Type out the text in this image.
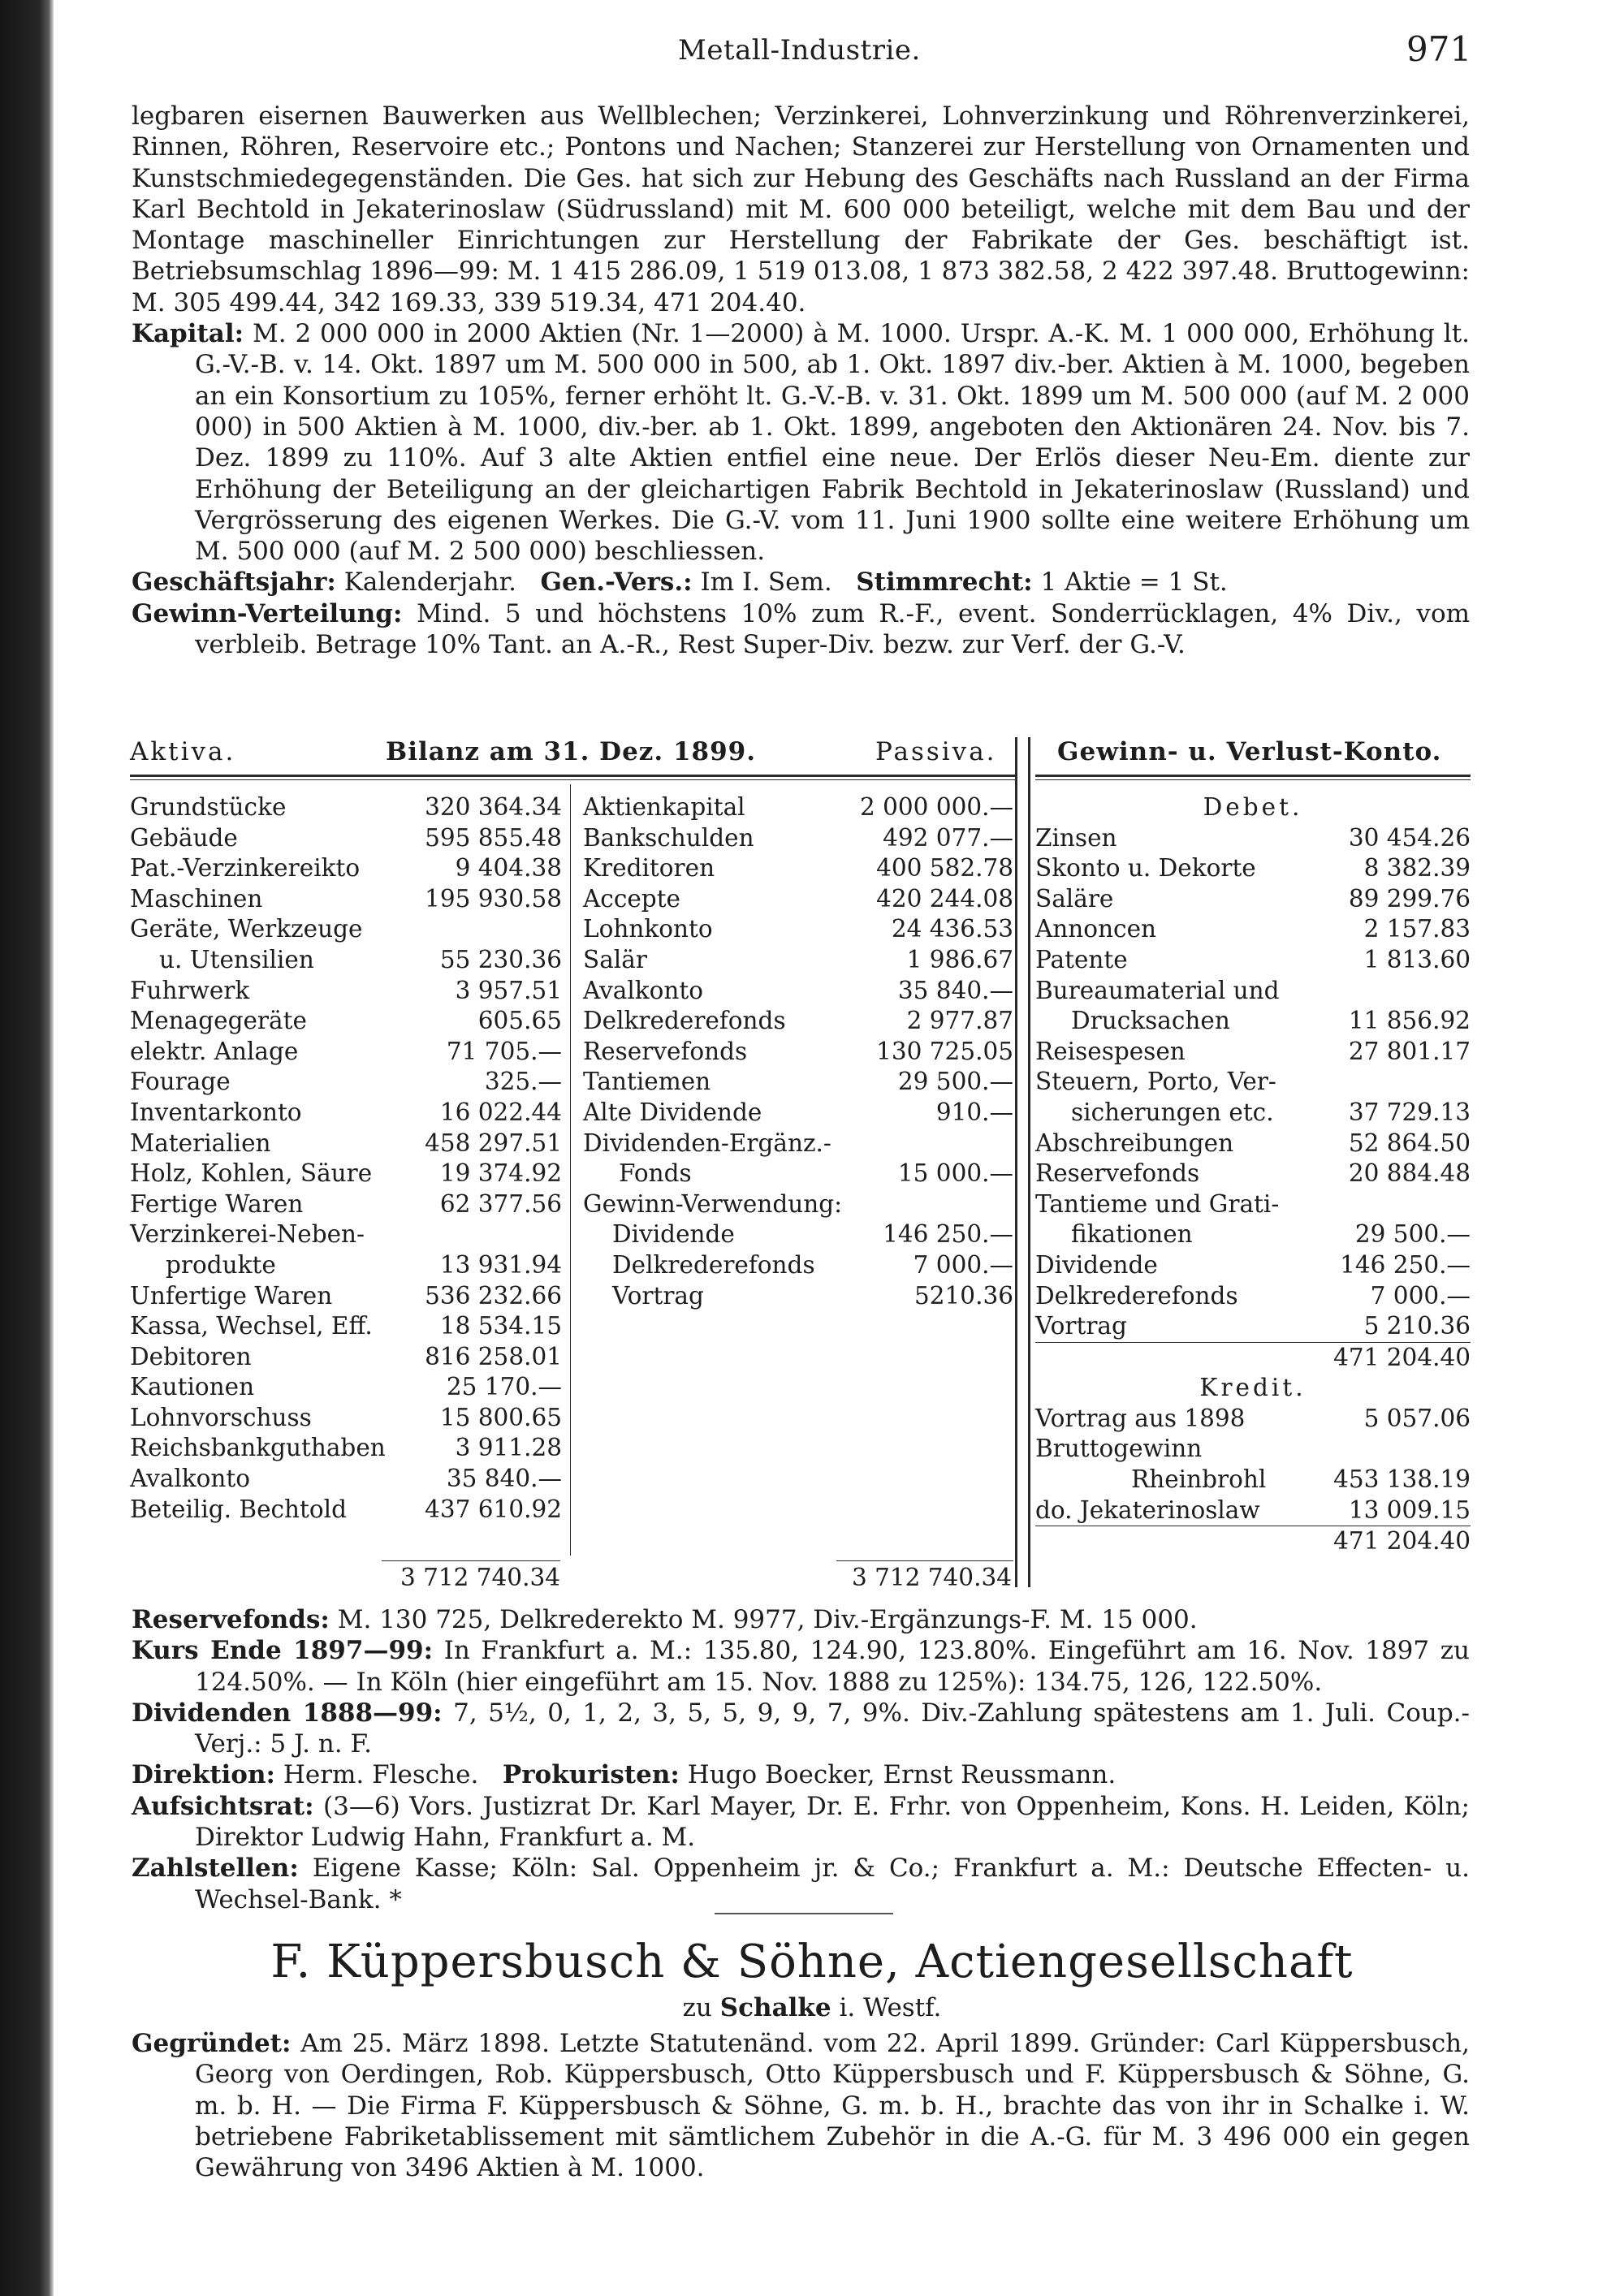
Metall-Industrie.	971

legbaren eisernen Bauwerken aus Wellblechen; Verzinkerei, Lohnverzinkung und Röhrenverzinkerei, Rinnen, Röhren, Reservoire etc.; Pontons und Nachen; Stanzerei zur Herstellung von Ornamenten und Kunstschmiedegegenständen. Die Ges. hat sich zur Hebung des Geschäfts nach Russland an der Firma Karl Bechtold in Jekaterinoslaw (Südrussland) mit M. 600 000 beteiligt, welche mit dem Bau und der Montage maschineller Einrichtungen zur Herstellung der Fabrikate der Ges. beschäftigt ist. Betriebsumschlag 1896—99: M. 1 415 286.09, 1 519 013.08, 1 873 382.58, 2 422 397.48. Bruttogewinn: M. 305 499.44, 342 169.33, 339 519.34, 471 204.40.

Kapital: M. 2 000 000 in 2000 Aktien (Nr. 1—2000) à M. 1000. Urspr. A.-K. M. 1 000 000, Erhöhung lt. G.-V.-B. v. 14. Okt. 1897 um M. 500 000 in 500, ab 1. Okt. 1897 div.-ber. Aktien à M. 1000, begeben an ein Konsortium zu 105%, ferner erhöht lt. G.-V.-B. v. 31. Okt. 1899 um M. 500 000 (auf M. 2 000 000) in 500 Aktien à M. 1000, div.-ber. ab 1. Okt. 1899, angeboten den Aktionären 24. Nov. bis 7. Dez. 1899 zu 110%. Auf 3 alte Aktien entfiel eine neue. Der Erlös dieser Neu-Em. diente zur Erhöhung der Beteiligung an der gleichartigen Fabrik Bechtold in Jekaterinoslaw (Russland) und Vergrösserung des eigenen Werkes. Die G.-V. vom 11. Juni 1900 sollte eine weitere Erhöhung um M. 500 000 (auf M. 2 500 000) beschliessen.

Geschäftsjahr: Kalenderjahr. Gen.-Vers.: Im I. Sem. Stimmrecht: 1 Aktie = 1 St.

Gewinn-Verteilung: Mind. 5 und höchstens 10% zum R.-F., event. Sonderrücklagen, 4% Div., vom verbleib. Betrage 10% Tant. an A.-R., Rest Super-Div. bezw. zur Verf. der G.-V.

Aktiva.	Bilanz am 31. Dez. 1899.	Passiva. Gewinn- u. Verlust-Konto.
Grundstücke	320 364.34
Gebäude	595 855.48
Pat.-Verzinkereikto	9 404.38
Maschinen	195 930.58
Geräte, Werkzeuge
u. Utensilien	55 230.36
Fuhrwerk	3 957.51
Menagegeräte	605.65
elektr. Anlage	71 705.—
Fourage	325.—
Inventarkonto	16 022.44
Materialien	458 297.51
Holz, Kohlen, Säure	19 374.92
Fertige Waren	62 377.56
Verzinkerei-Neben-
produkte	13 931.94
Unfertige Waren	536 232.66
Kassa, Wechsel, Eff.	18 534.15
Debitoren	816 258.01
Kautionen	25 170.—
Lohnvorschuss	15 800.65
Reichsbankguthaben	3 911.28
Avalkonto	35 840.—
Beteilig. Bechtold	437 610.92
Aktienkapital	2 000 000.—
Bankschulden	492 077.—
Kreditoren	400 582.78
Accepte	420 244.08
Lohnkonto	24 436.53
Salär	1 986.67
Avalkonto	35 840.—
Delkrederefonds	2 977.87
Reservefonds	130 725.05
Tantiemen	29 500.—
Alte Dividende	910.—
Dividenden-Ergänz.-
Fonds	15 000.—
Gewinn-Verwendung:
Dividende	146 250.—
Delkrederefonds	7 000.—
Vortrag	5210.36
Debet.
Zinsen	30 454.26
Skonto u. Dekorte	8 382.39
Saläre	89 299.76
Annoncen	2 157.83
Patente	1 813.60
Bureaumaterial und
Drucksachen	11 856.92
Reisespesen	27 801.17
Steuern, Porto, Ver-
sicherungen etc.	37 729.13
Abschreibungen	52 864.50
Reservefonds	20 884.48
Tantieme und Grati-
fikationen	29 500.—
Dividende	146 250.—
Delkrederefonds	7 000.—
Vortrag	5 210.36
471 204.40
Kredit.
Vortrag aus 1898	5 057.06
Bruttogewinn
Rheinbrohl	453 138.19
do. Jekaterinoslaw	13 009.15
471 204.40
3 712 740.34	3 712 740.34

Reservefonds: M. 130 725, Delkrederekto M. 9977, Div.-Ergänzungs-F. M. 15 000.

Kurs Ende 1897—99: In Frankfurt a. M.: 135.80, 124.90, 123.80%. Eingeführt am 16. Nov. 1897 zu 124.50%. — In Köln (hier eingeführt am 15. Nov. 1888 zu 125%): 134.75, 126, 122.50%.

Dividenden 1888—99: 7, 5½, 0, 1, 2, 3, 5, 5, 9, 9, 7, 9%. Div.-Zahlung spätestens am 1. Juli. Coup.-Verj.: 5 J. n. F.

Direktion: Herm. Flesche. Prokuristen: Hugo Boecker, Ernst Reussmann.

Aufsichtsrat: (3—6) Vors. Justizrat Dr. Karl Mayer, Dr. E. Frhr. von Oppenheim, Kons. H. Leiden, Köln; Direktor Ludwig Hahn, Frankfurt a. M.

Zahlstellen: Eigene Kasse; Köln: Sal. Oppenheim jr. & Co.; Frankfurt a. M.: Deutsche Effecten- u. Wechsel-Bank. *

F. Küppersbusch & Söhne, Actiengesellschaft
zu Schalke i. Westf.

Gegründet: Am 25. März 1898. Letzte Statutenänd. vom 22. April 1899. Gründer: Carl Küppersbusch, Georg von Oerdingen, Rob. Küppersbusch, Otto Küppersbusch und F. Küppersbusch & Söhne, G. m. b. H. — Die Firma F. Küppersbusch & Söhne, G. m. b. H., brachte das von ihr in Schalke i. W. betriebene Fabriketablissement mit sämtlichem Zubehör in die A.-G. für M. 3 496 000 ein gegen Gewährung von 3496 Aktien à M. 1000.
